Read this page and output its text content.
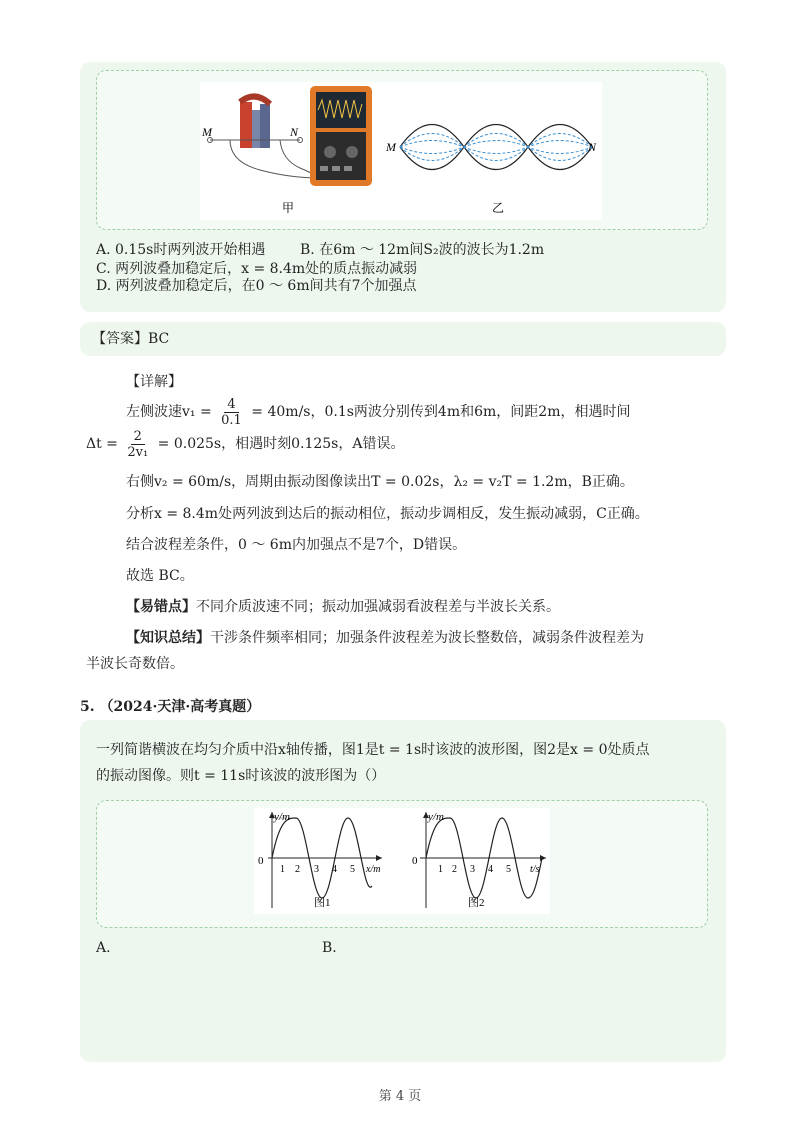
M	N
M	N
甲	乙
A. 0.15s时两列波开始相遇 B. 在6m ～ 12m间S₂波的波长为1.2m
C. 两列波叠加稳定后，x = 8.4m处的质点振动减弱
D. 两列波叠加稳定后，在0 ～ 6m间共有7个加强点
【答案】BC
【详解】
左侧波速$v_1 = \frac{4}{0.1} = 40m/s$，0.1s两波分别传到4m和6m，间距2m，相遇时间
$\Delta t = \frac{2}{\text{2v₁}} = 0.025s$，相遇时刻0.125s，A错误。
右侧v₂ = 60m/s，周期由振动图像读出T = 0.02s，λ₂ = v₂T = 1.2m，B正确。
分析x = 8.4m处两列波到达后的振动相位，振动步调相反，发生振动减弱，C正确。
结合波程差条件，0 ～ 6m内加强点不是7个，D错误。
故选 BC。
【易错点】不同介质波速不同；振动加强减弱看波程差与半波长关系。
【知识总结】干涉条件频率相同；加强条件波程差为波长整数倍，减弱条件波程差为
半波长奇数倍。
5. （2024·天津·高考真题）
一列简谐横波在均匀介质中沿x轴传播，图1是t = 1s时该波的波形图，图2是x = 0处质点
的振动图像。则t = 11s时该波的波形图为（）
y/m
0
1 2 3 4 5 x/m
图1
y/m
0
1 2 3 4 5 t/s
图2
A.	B.
第 4 页
